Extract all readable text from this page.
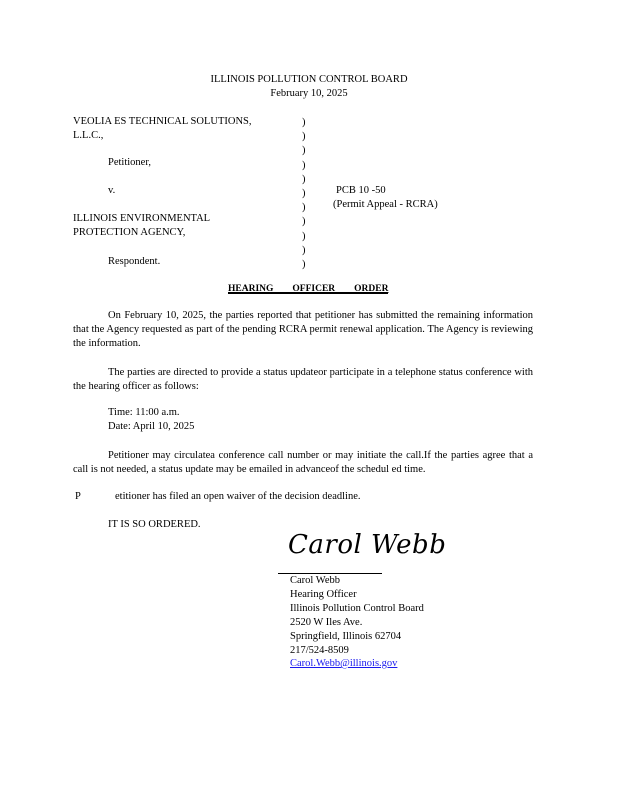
ILLINOIS POLLUTION CONTROL BOARD
February 10, 2025
VEOLIA ES TECHNICAL SOLUTIONS,
L.L.C.,
Petitioner,
v.
ILLINOIS ENVIRONMENTAL
PROTECTION AGENCY,
Respondent.
)
)
)
)
)
)
)
)
)
)
)
PCB 10 -50
(Permit Appeal - RCRA)
HEARING        OFFICER        ORDER
On February 10, 2025, the parties reported that petitioner has submitted the remaining information that the Agency requested as part of the pending RCRA permit renewal application. The Agency is reviewing the information.
The parties are directed to provide a status updateor participate in a telephone status conference with the hearing officer as follows:
Time: 11:00 a.m.
Date: April 10, 2025
Petitioner may circulatea conference call number or may initiate the call.If the parties agree that a call is not needed, a status update may be emailed in advanceof the schedul ed time.
P	etitioner has filed an open waiver of the decision deadline.
IT IS SO ORDERED.
Carol Webb
Carol Webb
Hearing Officer
Illinois Pollution Control Board
2520 W Iles Ave.
Springfield, Illinois 62704
217/524-8509
Carol.Webb@illinois.gov
